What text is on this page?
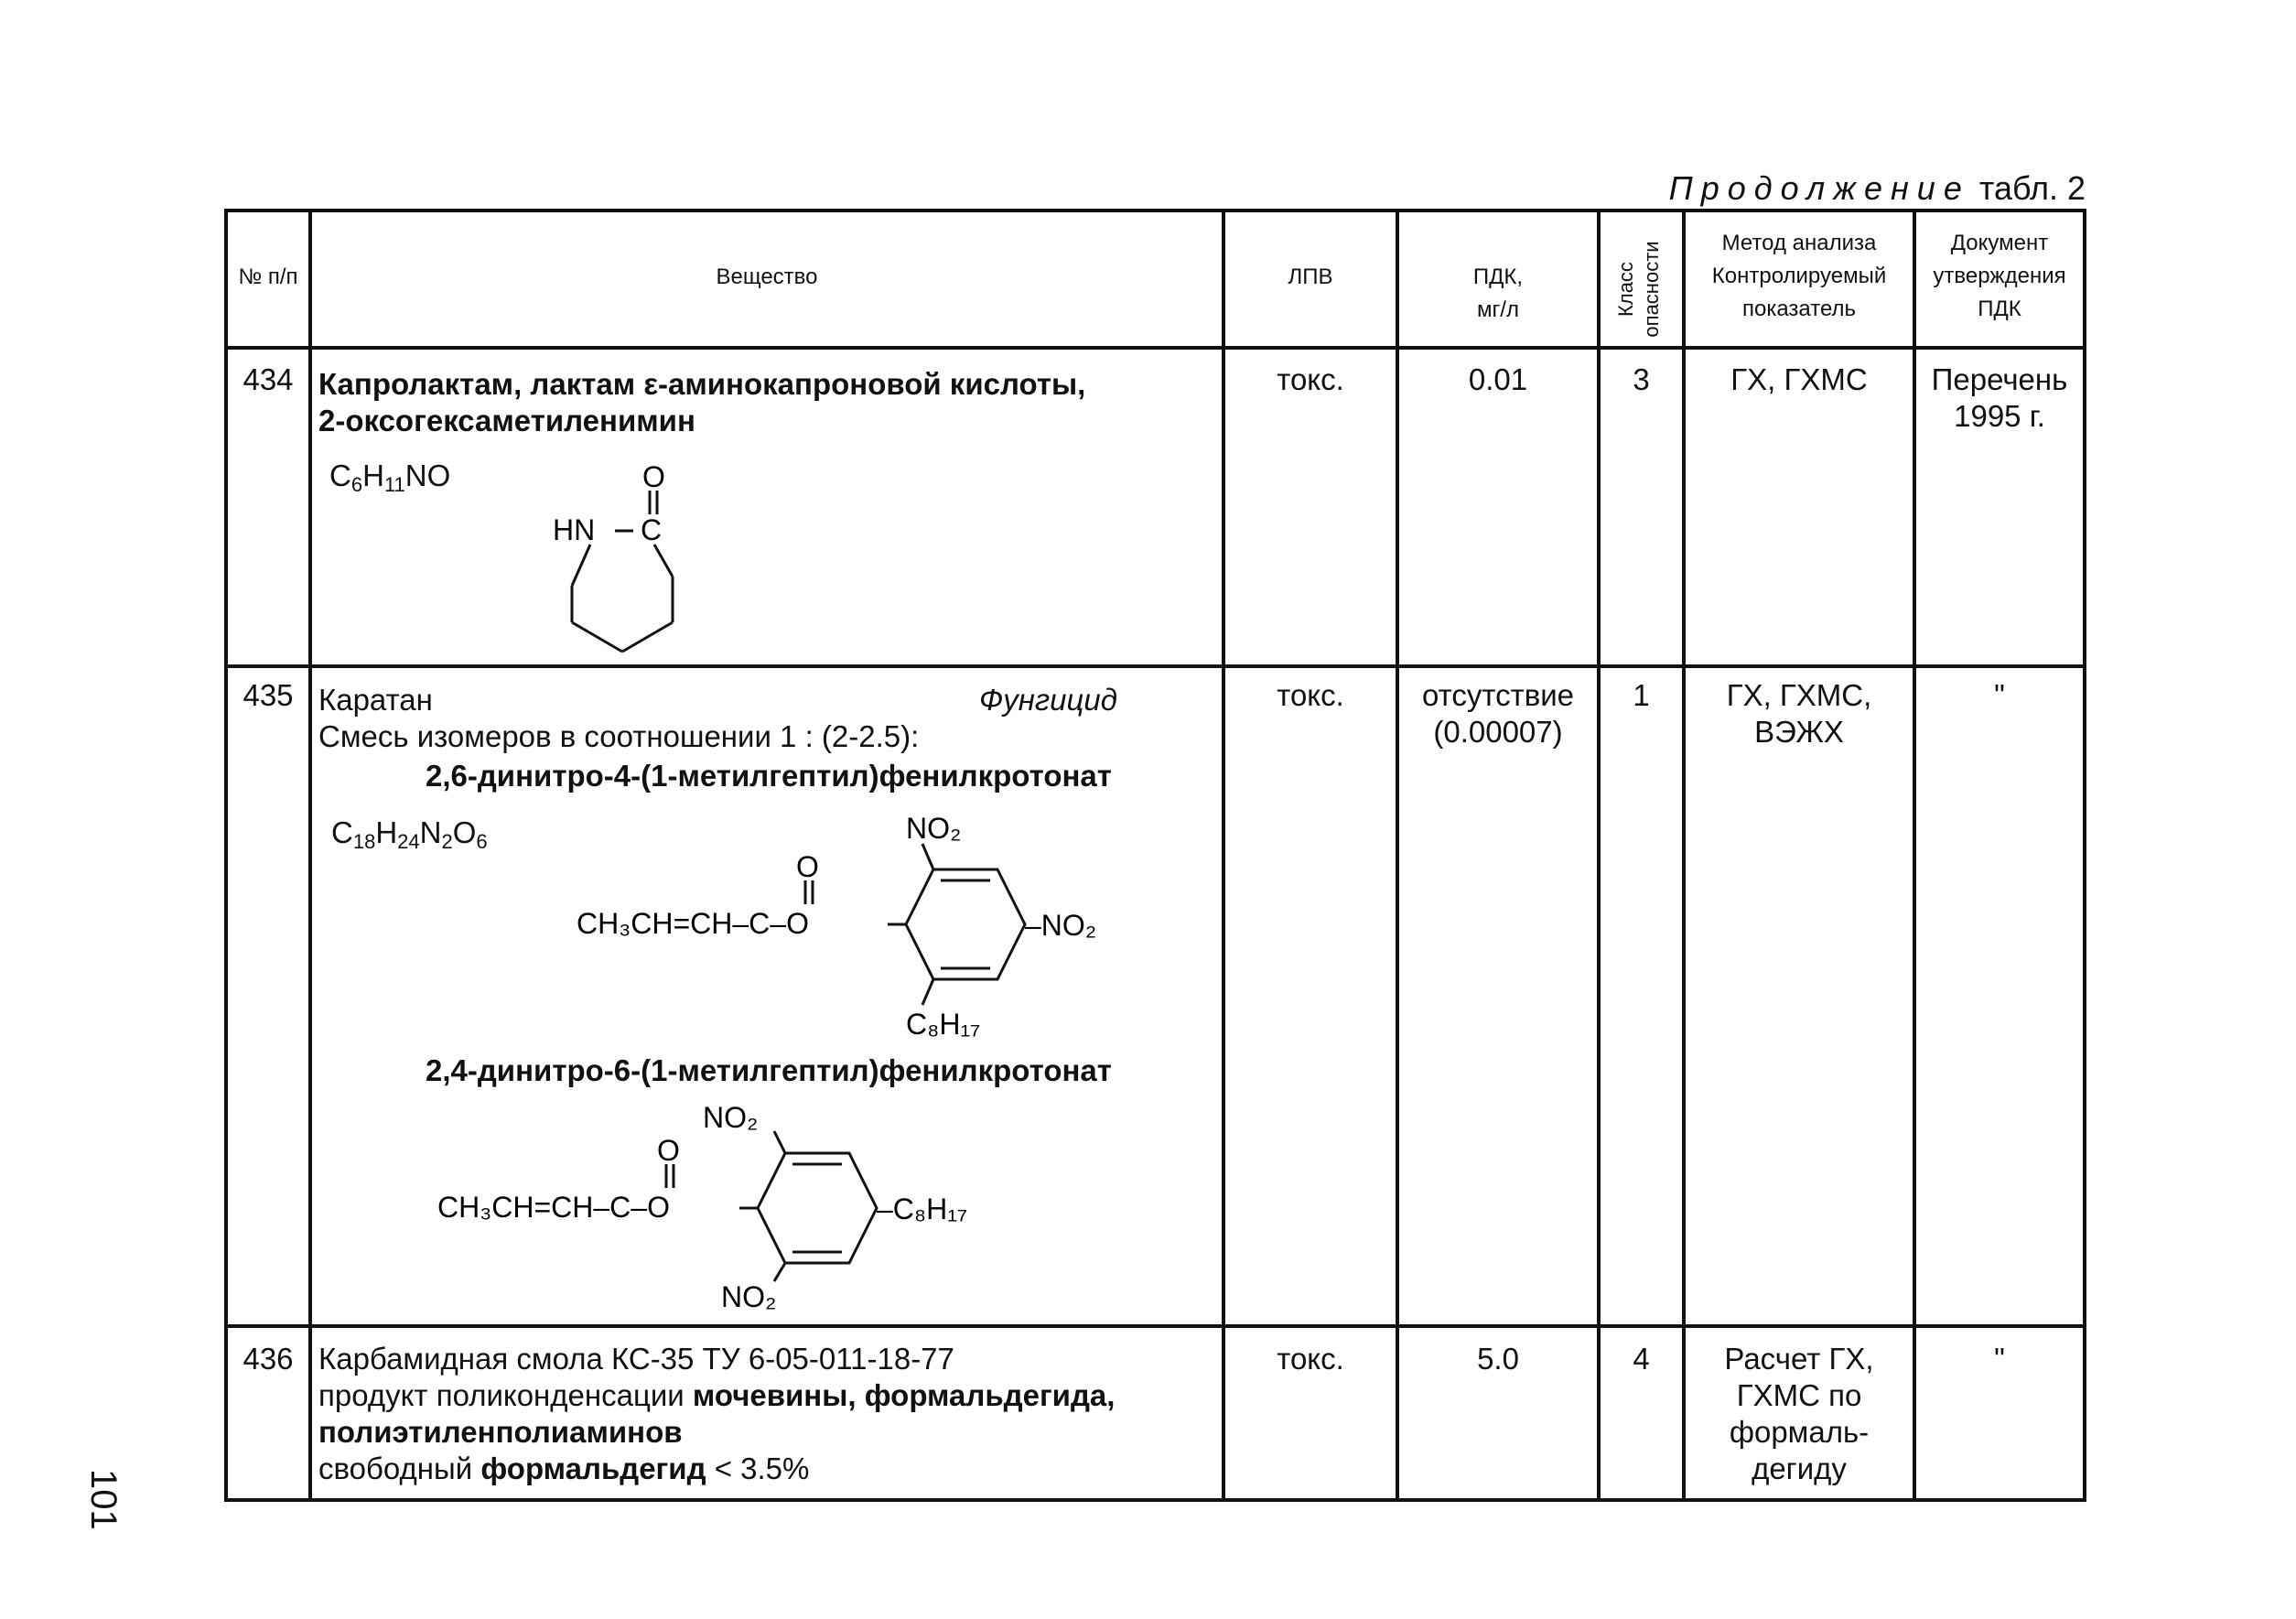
Продолжение табл. 2
№ п/п	Вещество	ЛПВ	ПДК,
мг/л	Класс опасности	Метод анализа
Контролируемый
показатель
Документ
утверждения
ПДК
434 Капролактам, лактам ε-аминокапроновой кислоты,
2-оксогексаметиленимин
$C_6H_{11}NO$	O
HN C
токс.	0.01	3	ГХ, ГХМС	Перечень
1995 г.
435 Каратан	Фунгицид
Смесь изомеров в соотношении 1 : (2-2.5):
2,6-динитро-4-(1-метилгептил)фенилкротонат
$C_{18}H_{24}N_2O_6$
CH₃CH=CH–C–O
O
NO₂
–NO₂
C₈H₁₇
2,4-динитро-6-(1-метилгептил)фенилкротонат
CH₃CH=CH–C–O
O
NO₂
–C₈H₁₇
NO₂
токс.	отсутствие
(0.00007)
1	ГХ, ГХМС,
ВЭЖХ
"
436 Карбамидная смола КС-35 ТУ 6-05-011-18-77
продукт поликонденсации мочевины, формальдегида,
полиэтиленполиаминов
свободный формальдегид < 3.5%
токс.	5.0	4	Расчет ГХ,
ГХМС по
формаль-
дегиду
"
101
